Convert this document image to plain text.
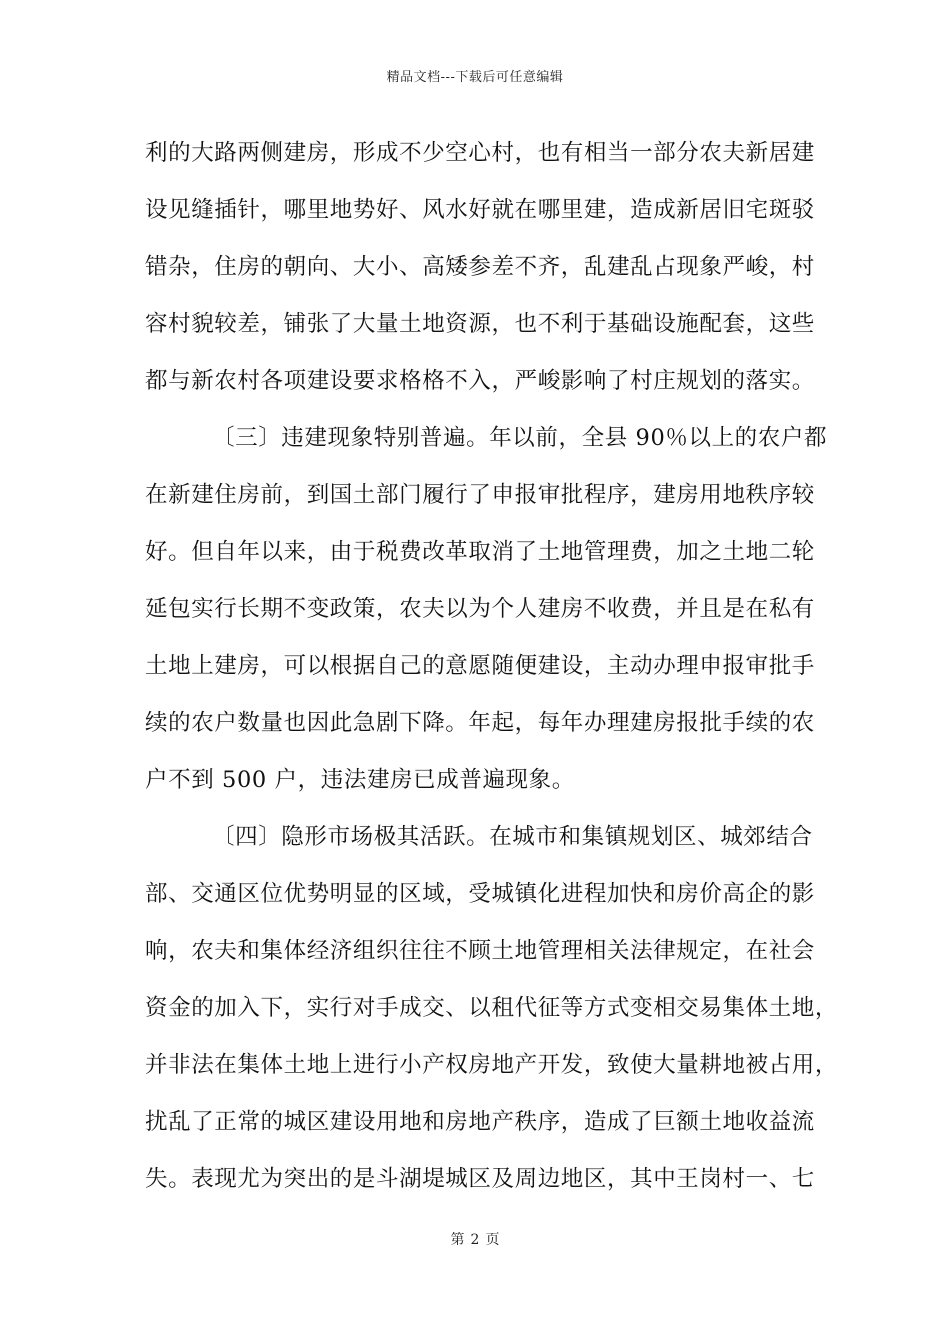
精品文档---下载后可任意编辑
利的大路两侧建房，形成不少空心村，也有相当一部分农夫新居建
设见缝插针，哪里地势好、风水好就在哪里建，造成新居旧宅斑驳
错杂，住房的朝向、大小、高矮参差不齐，乱建乱占现象严峻，村
容村貌较差，铺张了大量土地资源，也不利于基础设施配套，这些
都与新农村各项建设要求格格不入，严峻影响了村庄规划的落实。
〔三〕违建现象特别普遍。年以前，全县 90％以上的农户都
在新建住房前，到国土部门履行了申报审批程序，建房用地秩序较
好。但自年以来，由于税费改革取消了土地管理费，加之土地二轮
延包实行长期不变政策，农夫以为个人建房不收费，并且是在私有
土地上建房，可以根据自己的意愿随便建设，主动办理申报审批手
续的农户数量也因此急剧下降。年起，每年办理建房报批手续的农
户不到 500 户，违法建房已成普遍现象。
〔四〕隐形市场极其活跃。在城市和集镇规划区、城郊结合
部、交通区位优势明显的区域，受城镇化进程加快和房价高企的影
响，农夫和集体经济组织往往不顾土地管理相关法律规定，在社会
资金的加入下，实行对手成交、以租代征等方式变相交易集体土地，
并非法在集体土地上进行小产权房地产开发，致使大量耕地被占用，
扰乱了正常的城区建设用地和房地产秩序，造成了巨额土地收益流
失。表现尤为突出的是斗湖堤城区及周边地区，其中王岗村一、七
第 2 页
